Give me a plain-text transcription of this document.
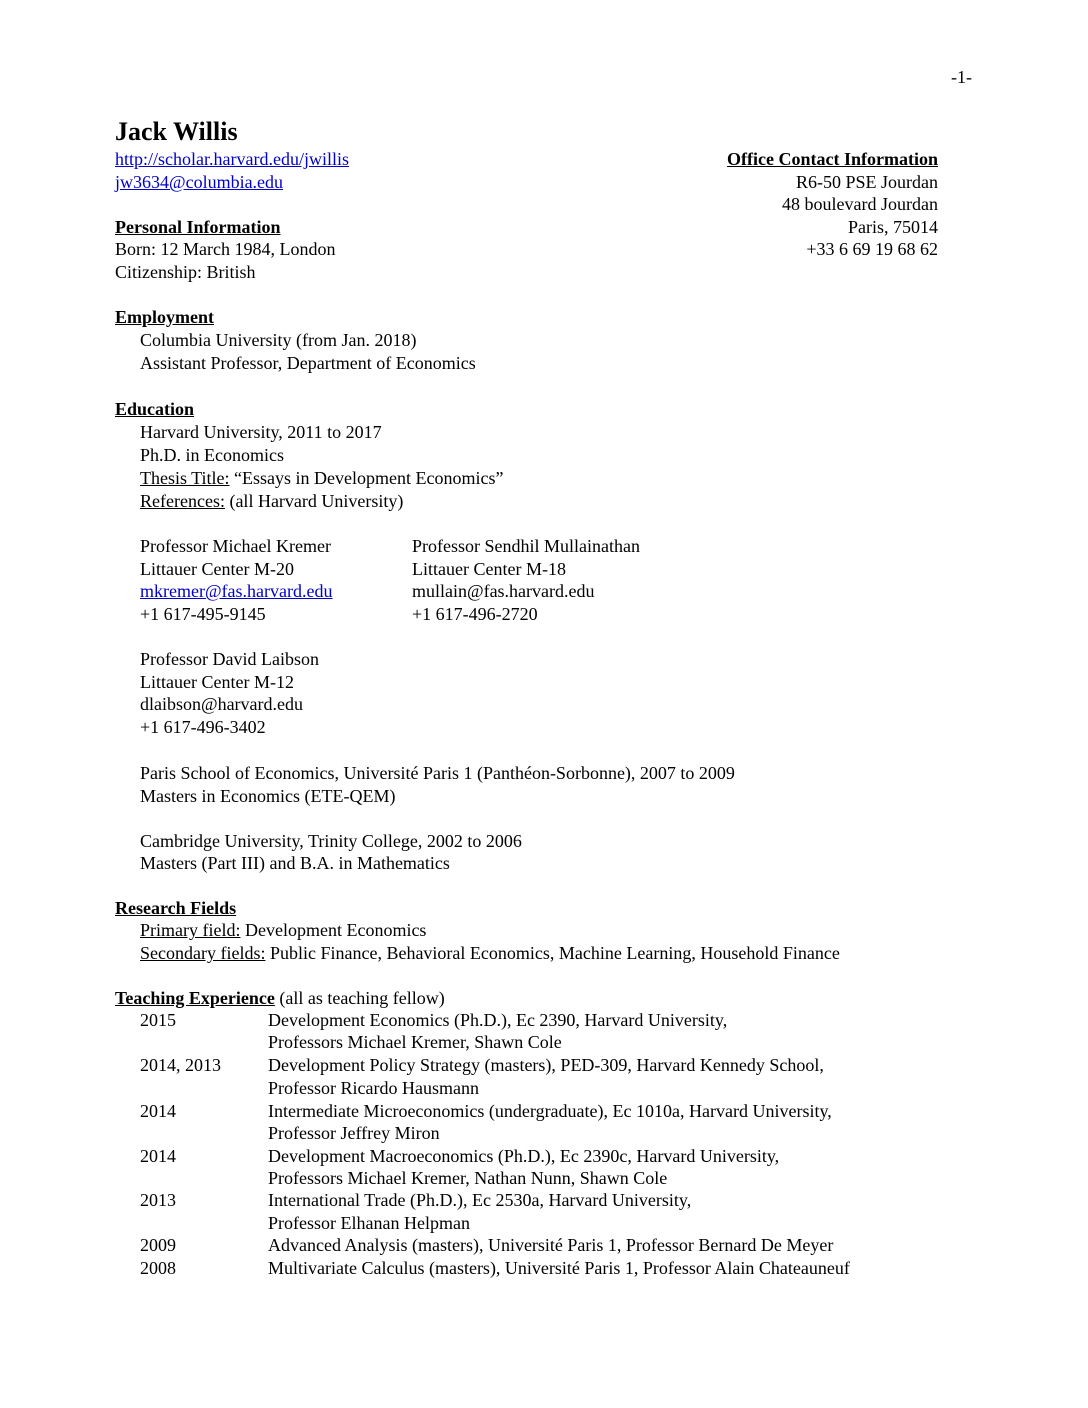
-1-
Jack Willis
http://scholar.harvard.edu/jwillis
jw3634@columbia.edu
Office Contact Information
R6-50 PSE Jourdan
48 boulevard Jourdan
Paris, 75014
+33 6 69 19 68 62
Personal Information
Born: 12 March 1984, London
Citizenship: British
Employment
Columbia University (from Jan. 2018)
Assistant Professor, Department of Economics
Education
Harvard University, 2011 to 2017
Ph.D. in Economics
Thesis Title: “Essays in Development Economics”
References: (all Harvard University)
Professor Michael Kremer
Littauer Center M-20
mkremer@fas.harvard.edu
+1 617-495-9145
Professor Sendhil Mullainathan
Littauer Center M-18
mullain@fas.harvard.edu
+1 617-496-2720
Professor David Laibson
Littauer Center M-12
dlaibson@harvard.edu
+1 617-496-3402
Paris School of Economics, Université Paris 1 (Panthéon-Sorbonne), 2007 to 2009
Masters in Economics (ETE-QEM)
Cambridge University, Trinity College, 2002 to 2006
Masters (Part III) and B.A. in Mathematics
Research Fields
Primary field: Development Economics
Secondary fields: Public Finance, Behavioral Economics, Machine Learning, Household Finance
Teaching Experience (all as teaching fellow)
2015	Development Economics (Ph.D.), Ec 2390, Harvard University,
Professors Michael Kremer, Shawn Cole
2014, 2013	Development Policy Strategy (masters), PED-309, Harvard Kennedy School,
Professor Ricardo Hausmann
2014	Intermediate Microeconomics (undergraduate), Ec 1010a, Harvard University,
Professor Jeffrey Miron
2014	Development Macroeconomics (Ph.D.), Ec 2390c, Harvard University,
Professors Michael Kremer, Nathan Nunn, Shawn Cole
2013	International Trade (Ph.D.), Ec 2530a, Harvard University,
Professor Elhanan Helpman
2009	Advanced Analysis (masters), Université Paris 1, Professor Bernard De Meyer
2008	Multivariate Calculus (masters), Université Paris 1, Professor Alain Chateauneuf
